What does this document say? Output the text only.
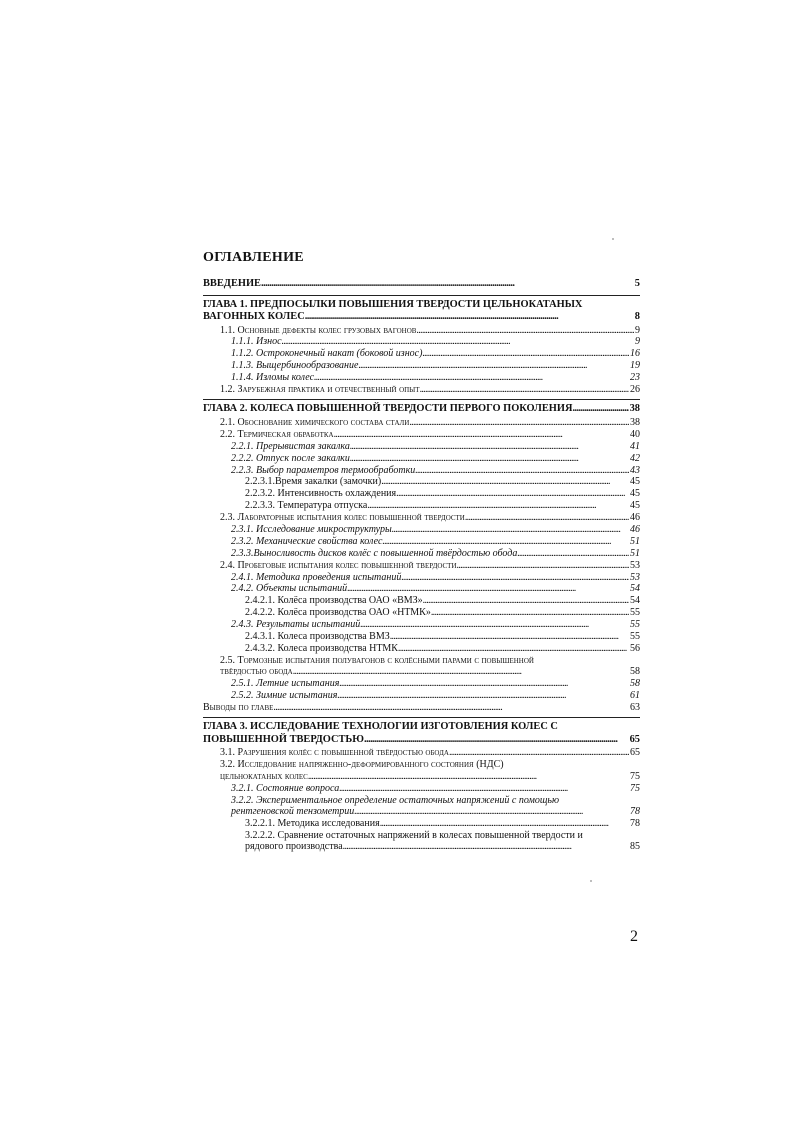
ОГЛАВЛЕНИЕ
ВВЕДЕНИЕ . . .	5
ГЛАВА 1. ПРЕДПОСЫЛКИ ПОВЫШЕНИЯ ТВЕРДОСТИ ЦЕЛЬНОКАТАНЫХ
ВАГОННЫХ КОЛЕС . . .	8
1.1. Основные дефекты колес грузовых вагонов . . .	9
1.1.1. Износ . . .	9
1.1.2. Остроконечный накат (боковой износ) . . .	16
1.1.3. Выщербинообразование . . .	19
1.1.4. Изломы колес . . .	23
1.2. Зарубежная практика и отечественный опыт . . .	26
ГЛАВА 2. КОЛЕСА ПОВЫШЕННОЙ ТВЕРДОСТИ ПЕРВОГО ПОКОЛЕНИЯ . . .	38
2.1. Обоснование химического состава стали . . .	38
2.2. Термическая обработка . . .	40
2.2.1. Прерывистая закалка . . .	41
2.2.2. Отпуск после закалки . . .	42
2.2.3. Выбор параметров термообработки . . .	43
2.2.3.1.Время закалки (замочки) . . .	45
2.2.3.2. Интенсивность охлаждения . . .	45
2.2.3.3. Температура отпуска . . .	45
2.3. Лабораторные испытания колес повышенной твердости . . .	46
2.3.1. Исследование микроструктуры . . .	46
2.3.2. Механические свойства колес . . .	51
2.3.3.Выносливость дисков колёс с повышенной твёрдостью обода . . .	51
2.4. Пробеговые испытания колес повышенной твердости . . .	53
2.4.1. Методика проведения испытаний . . .	53
2.4.2. Объекты испытаний . . .	54
2.4.2.1. Колёса производства ОАО «ВМЗ» . . .	54
2.4.2.2. Колёса производства ОАО «НТМК» . . .	55
2.4.3. Результаты испытаний . . .	55
2.4.3.1. Колеса производства ВМЗ . . .	55
2.4.3.2. Колеса производства НТМК . . .	56
2.5. Тормозные испытания полувагонов с колёсными парами с повышенной
твёрдостью обода . . .	58
2.5.1. Летние испытания . . .	58
2.5.2. Зимние испытания . . .	61
Выводы по главе . . .	63
ГЛАВА 3. ИССЛЕДОВАНИЕ ТЕХНОЛОГИИ ИЗГОТОВЛЕНИЯ КОЛЕС С
ПОВЫШЕННОЙ ТВЕРДОСТЬЮ . . .	65
3.1. Разрушения колёс с повышенной твёрдостью обода . . .	65
3.2. Исследование напряженно-деформированного состояния (НДС)
цельнокатаных колес . . .	75
3.2.1. Состояние вопроса . . .	75
3.2.2. Экспериментальное определение остаточных напряжений с помощью
рентгеновской тензометрии . . .	78
3.2.2.1. Методика исследования . . .	78
3.2.2.2. Сравнение остаточных напряжений в колесах повышенной твердости и
рядового производства . . .	85
2
